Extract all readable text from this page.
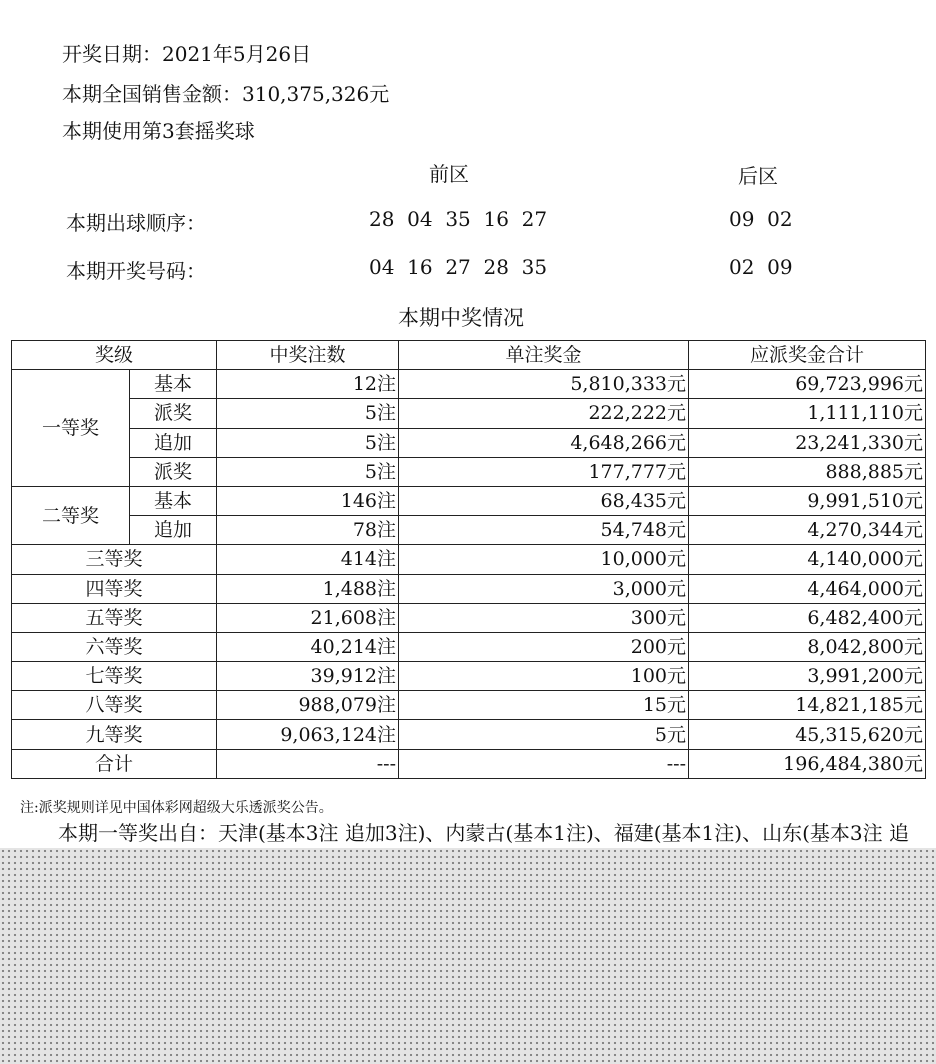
开奖日期：2021年5月26日
本期全国销售金额：310,375,326元
本期使用第3套摇奖球
前区	后区
本期出球顺序：	28  04  35  16  27	09  02
本期开奖号码：	04  16  27  28  35	02  09
本期中奖情况
奖级		中奖注数	单注奖金	应派奖金合计
一等奖	基本	12注	5,810,333元	69,723,996元
	派奖	5注	222,222元	1,111,110元
	追加	5注	4,648,266元	23,241,330元
	派奖	5注	177,777元	888,885元
二等奖	基本	146注	68,435元	9,991,510元
	追加	78注	54,748元	4,270,344元
三等奖		414注	10,000元	4,140,000元
四等奖		1,488注	3,000元	4,464,000元
五等奖		21,608注	300元	6,482,400元
六等奖		40,214注	200元	8,042,800元
七等奖		39,912注	100元	3,991,200元
八等奖		988,079注	15元	14,821,185元
九等奖		9,063,124注	5元	45,315,620元
合计		---	---	196,484,380元
注:派奖规则详见中国体彩网超级大乐透派奖公告。
本期一等奖出自：天津(基本3注 追加3注)、内蒙古(基本1注)、福建(基本1注)、山东(基本3注 追
